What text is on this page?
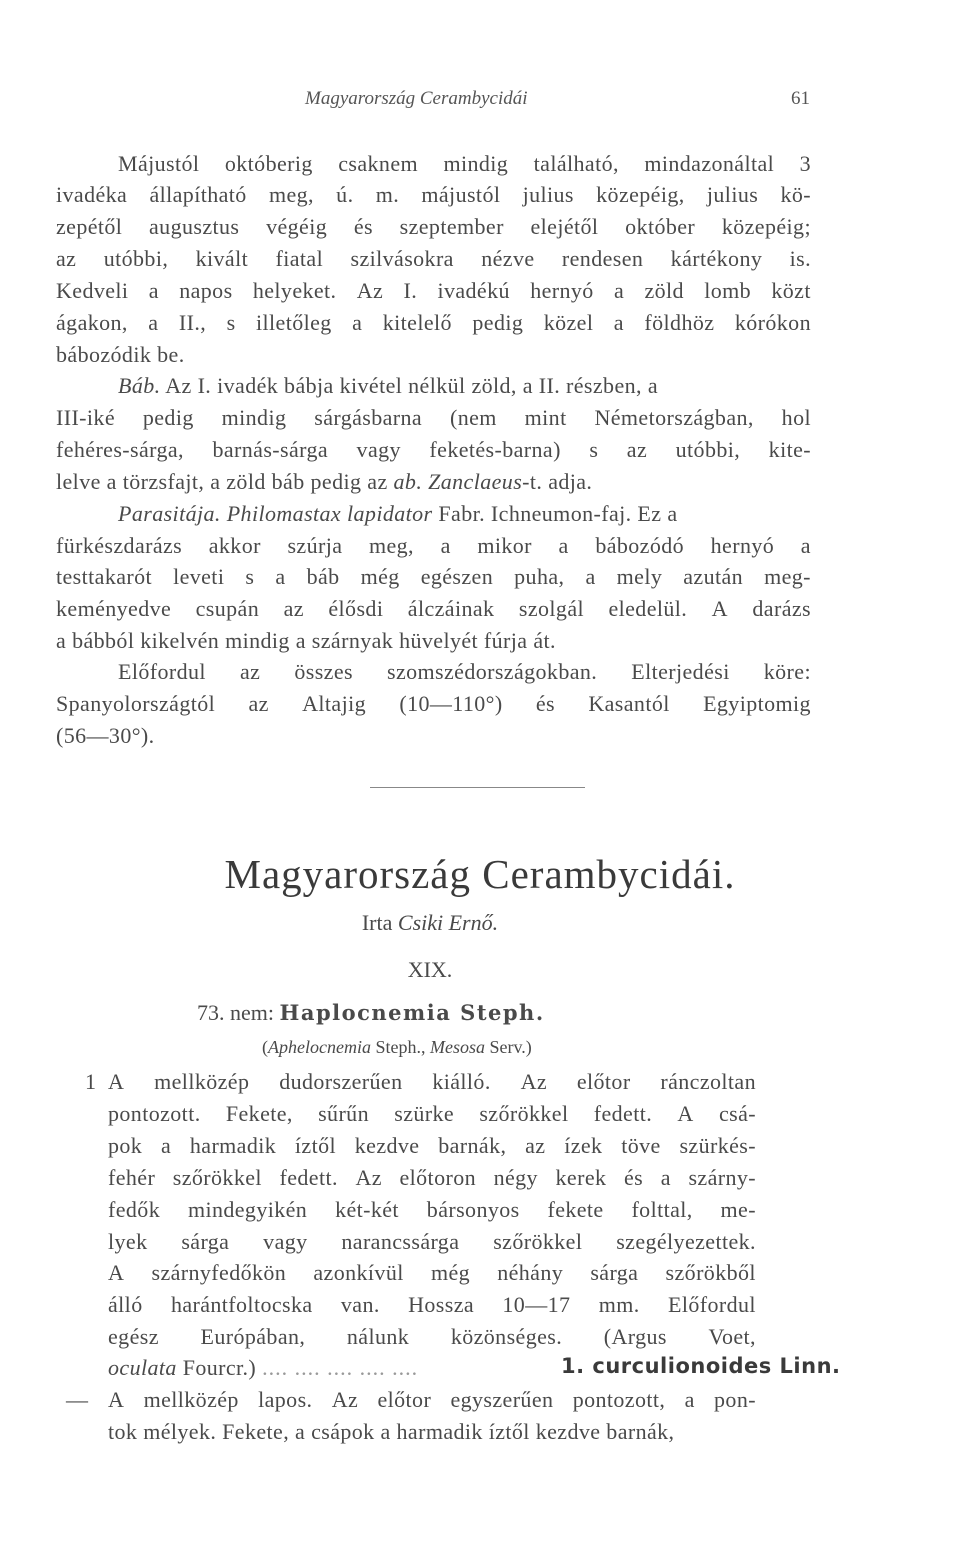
Magyarország Cerambycidái	61
Májustól októberig csaknem mindig található, mindazonáltal 3
ivadéka állapítható meg, ú. m. májustól julius közepéig, julius kö-
zepétől augusztus végéig és szeptember elejétől október közepéig;
az utóbbi, kivált fiatal szilvásokra nézve rendesen kártékony is.
Kedveli a napos helyeket. Az I. ivadékú hernyó a zöld lomb közt
ágakon, a II., s illetőleg a kitelelő pedig közel a földhöz kórókon
bábozódik be.
Báb. Az I. ivadék bábja kivétel nélkül zöld, a II. részben, a
III-iké pedig mindig sárgásbarna (nem mint Németországban, hol
fehéres-sárga, barnás-sárga vagy feketés-barna) s az utóbbi, kite-
lelve a törzsfajt, a zöld báb pedig az ab. Zanclaeus-t. adja.
Parasitája. Philomastax lapidator Fabr. Ichneumon-faj. Ez a
fürkészdarázs akkor szúrja meg, a mikor a bábozódó hernyó a
testtakarót leveti s a báb még egészen puha, a mely azután meg-
keményedve csupán az élősdi álczáinak szolgál eledelül. A darázs
a bábból kikelvén mindig a szárnyak hüvelyét fúrja át.
Előfordul az összes szomszédországokban. Elterjedési köre:
Spanyolországtól az Altajig (10—110°) és Kasantól Egyiptomig
(56—30°).
Magyarország Cerambycidái.
Irta Csiki Ernő.
XIX.
73. nem: Haplocnemia Steph.
(Aphelocnemia Steph., Mesosa Serv.)
1 A mellközép dudorszerűen kiálló. Az előtor ránczoltan
pontozott. Fekete, sűrűn szürke szőrökkel fedett. A csá-
pok a harmadik íztől kezdve barnák, az ízek töve szürkés-
fehér szőrökkel fedett. Az előtoron négy kerek és a szárny-
fedők mindegyikén két-két bársonyos fekete folttal, me-
lyek sárga vagy narancssárga szőrökkel szegélyezettek.
A szárnyfedőkön azonkívül még néhány sárga szőrökből
álló harántfoltocska van. Hossza 10—17 mm. Előfordul
egész Európában, nálunk közönséges. (Argus Voet,
oculata Fourcr.) .... .... .... .... ....	1. curculionoides Linn.
— A mellközép lapos. Az előtor egyszerűen pontozott, a pon-
tok mélyek. Fekete, a csápok a harmadik íztől kezdve barnák,
